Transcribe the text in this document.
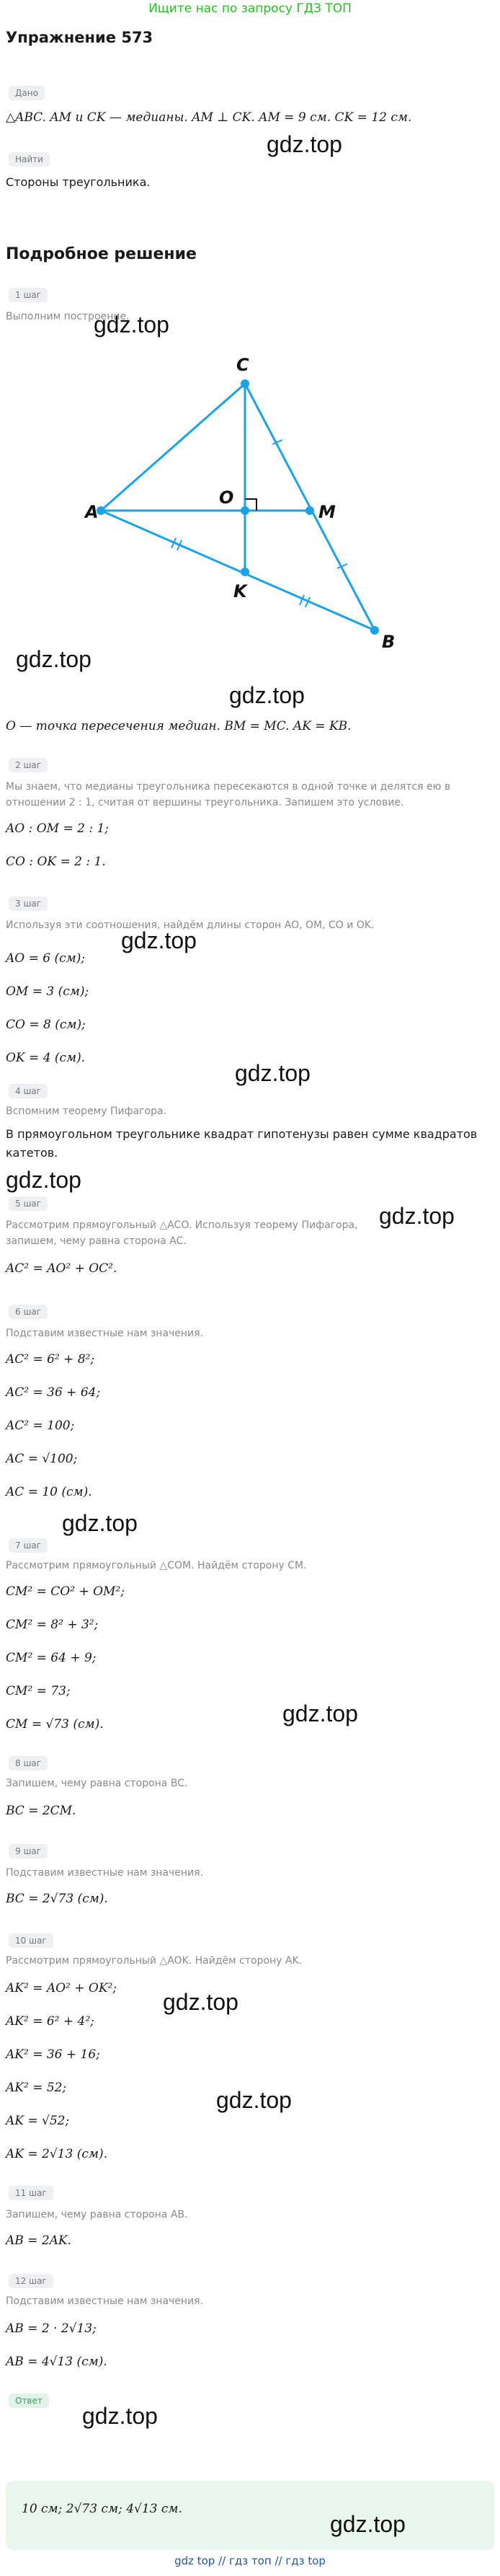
Ищите нас по запросу ГДЗ ТОП
Упражнение 573
Дано
△ABC. AM и CK — медианы. AM ⊥ CK. AM = 9 см. CK = 12 см.
gdz.top
Найти
Стороны треугольника.
Подробное решение
1 шаг
Выполним построение.
gdz.top
C
A	M
O
K
B
gdz.top
gdz.top
O — точка пересечения медиан. BM = MC. AK = KB.
2 шаг
Мы знаем, что медианы треугольника пересекаются в одной точке и делятся ею в отношении 2 : 1, считая от вершины треугольника. Запишем это условие.
AO : OM = 2 : 1;
CO : OK = 2 : 1.
3 шаг
Используя эти соотношения, найдём длины сторон AO, OM, CO и OK.
gdz.top
AO = 6 (см);
OM = 3 (см);
CO = 8 (см);
OK = 4 (см).
gdz.top
4 шаг
Вспомним теорему Пифагора.
В прямоугольном треугольнике квадрат гипотенузы равен сумме квадратов катетов.
gdz.top
5 шаг
Рассмотрим прямоугольный △ACO. Используя теорему Пифагора, запишем, чему равна сторона AC.
gdz.top
AC² = AO² + OC².
6 шаг
Подставим известные нам значения.
AC² = 6² + 8²;
AC² = 36 + 64;
AC² = 100;
AC = √100;
AC = 10 (см).
gdz.top
7 шаг
Рассмотрим прямоугольный △COM. Найдём сторону CM.
CM² = CO² + OM²;
CM² = 8² + 3²;
CM² = 64 + 9;
CM² = 73;
CM = √73 (см).	gdz.top
8 шаг
Запишем, чему равна сторона BC.
BC = 2CM.
9 шаг
Подставим известные нам значения.
BC = 2√73 (см).
10 шаг
Рассмотрим прямоугольный △AOK. Найдём сторону AK.
AK² = AO² + OK²;
gdz.top
AK² = 6² + 4²;
AK² = 36 + 16;
AK² = 52;	gdz.top
AK = √52;
AK = 2√13 (см).
11 шаг
Запишем, чему равна сторона AB.
AB = 2AK.
12 шаг
Подставим известные нам значения.
AB = 2 · 2√13;
AB = 4√13 (см).
Ответ
gdz.top
10 см; 2√73 см; 4√13 см.
gdz.top
gdz top // гдз топ // гдз top
